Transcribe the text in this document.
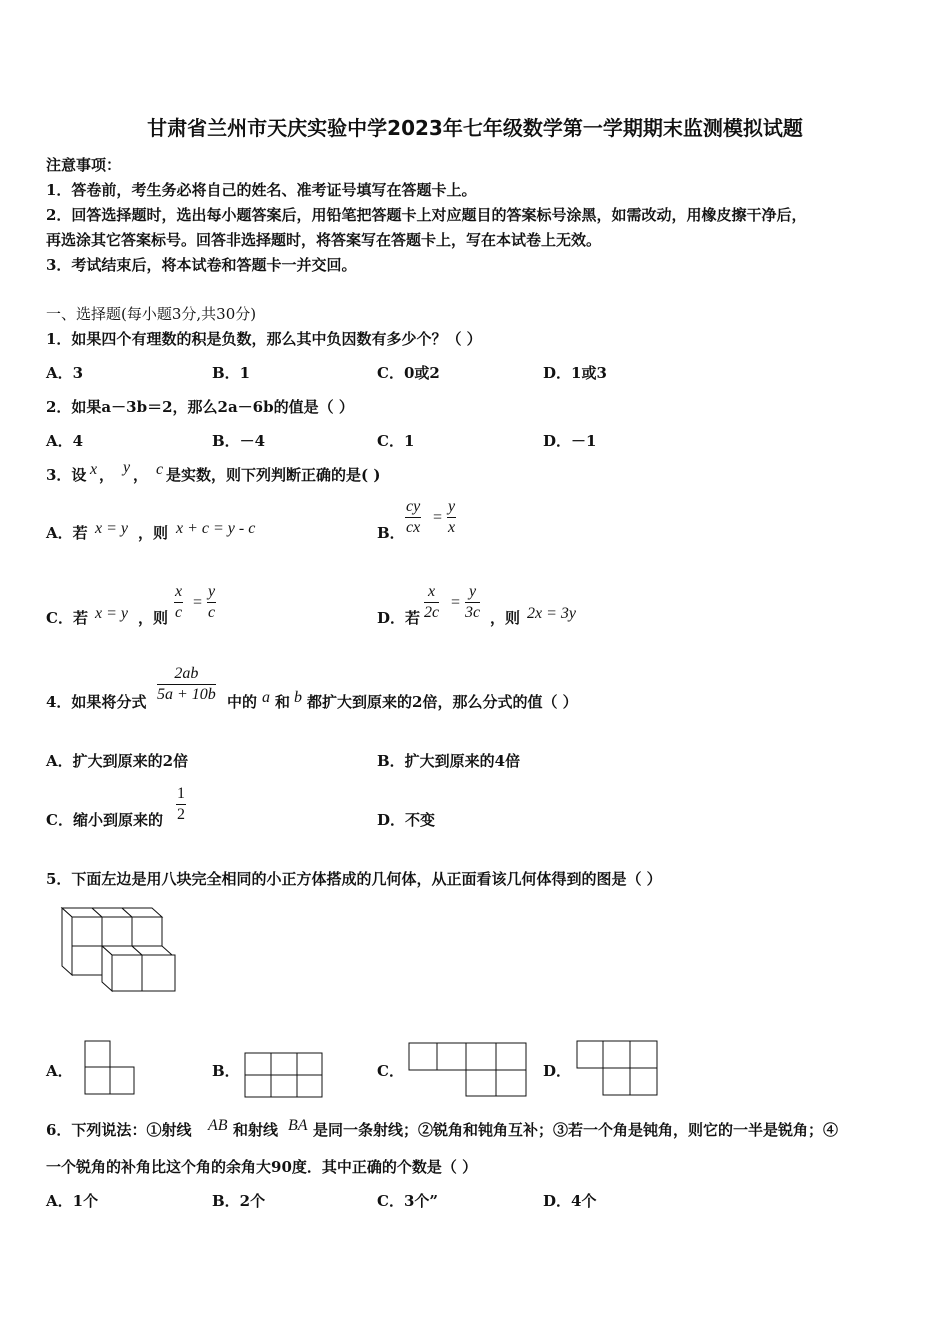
甘肃省兰州市天庆实验中学2023年七年级数学第一学期期末监测模拟试题
注意事项：
1．答卷前，考生务必将自己的姓名、准考证号填写在答题卡上。
2．回答选择题时，选出每小题答案后，用铅笔把答题卡上对应题目的答案标号涂黑，如需改动，用橡皮擦干净后，
再选涂其它答案标号。回答非选择题时，将答案写在答题卡上，写在本试卷上无效。
3．考试结束后，将本试卷和答题卡一并交回。
一、选择题(每小题3分,共30分)
1．如果四个有理数的积是负数，那么其中负因数有多少个？（ ）
A．3	B．1	C．0或2	D．1或3
2．如果a－3b＝2，那么2a－6b的值是（ ）
A．4	B．－4	C．1	D．－1
3．设 x ， y ， c 是实数，则下列判断正确的是( )
A．若 x = y ，则 x + c = y - c	B． $\frac{cy}{cx} = \frac{y}{x}$
C．若 x = y ，则 $\frac{x}{c} = \frac{y}{c}$	D．若 $\frac{x}{2c} = \frac{y}{3c}$ ，则 2x = 3y
4．如果将分式 $\frac{2ab}{5a + 10b}$ 中的 a 和 b 都扩大到原来的2倍，那么分式的值（ ）
A．扩大到原来的2倍	B．扩大到原来的4倍
C．缩小到原来的 $\frac{1}{2}$	D．不变
5．下面左边是用八块完全相同的小正方体搭成的几何体，从正面看该几何体得到的图是（ ）
A．	B．	C．	D．
6．下列说法：①射线 AB 和射线 BA 是同一条射线；②锐角和钝角互补；③若一个角是钝角，则它的一半是锐角；④
一个锐角的补角比这个角的余角大90度．其中正确的个数是（ ）
A．1个	B．2个	C．3个”	D．4个
